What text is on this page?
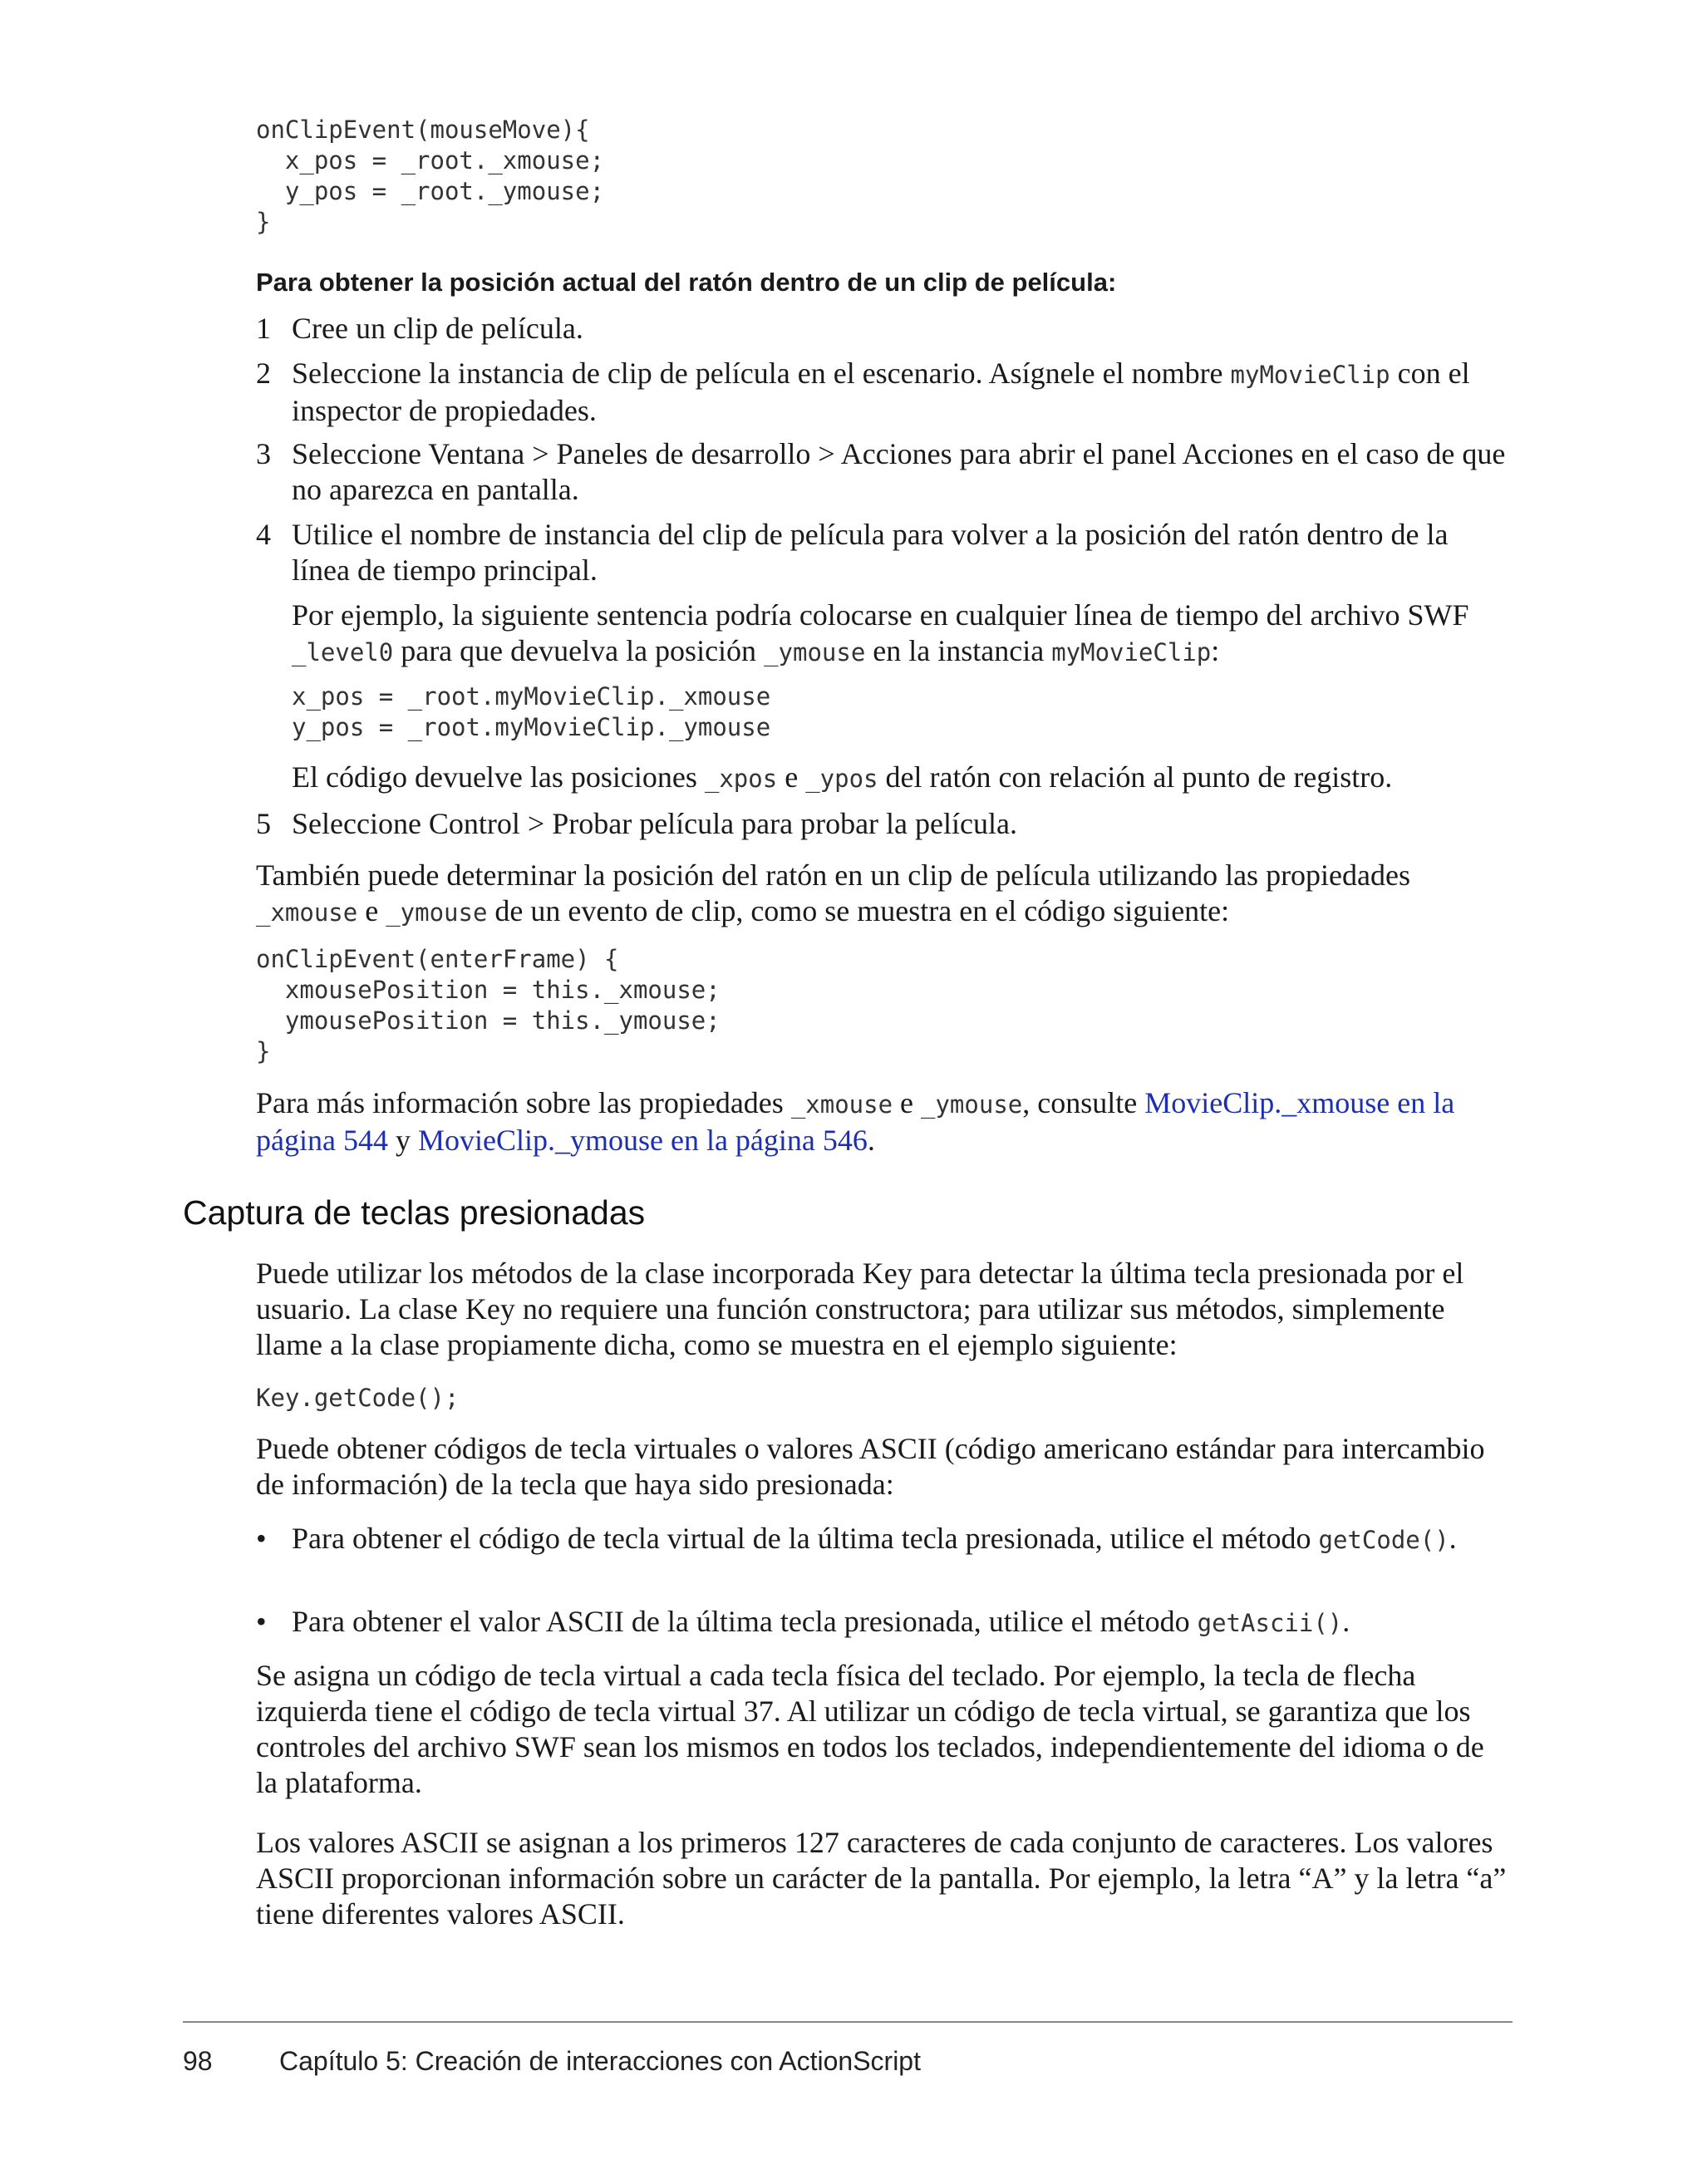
onClipEvent(mouseMove){
x_pos = _root._xmouse;
y_pos = _root._ymouse;
}
Para obtener la posición actual del ratón dentro de un clip de película:
1 Cree un clip de película.
2 Seleccione la instancia de clip de película en el escenario. Asígnele el nombre myMovieClip con el inspector de propiedades.
3 Seleccione Ventana > Paneles de desarrollo > Acciones para abrir el panel Acciones en el caso de que no aparezca en pantalla.
4 Utilice el nombre de instancia del clip de película para volver a la posición del ratón dentro de la línea de tiempo principal.
Por ejemplo, la siguiente sentencia podría colocarse en cualquier línea de tiempo del archivo SWF _level0 para que devuelva la posición _ymouse en la instancia myMovieClip:
x_pos = _root.myMovieClip._xmouse
y_pos = _root.myMovieClip._ymouse
El código devuelve las posiciones _xpos e _ypos del ratón con relación al punto de registro.
5 Seleccione Control > Probar película para probar la película.
También puede determinar la posición del ratón en un clip de película utilizando las propiedades _xmouse e _ymouse de un evento de clip, como se muestra en el código siguiente:
onClipEvent(enterFrame) {
xmousePosition = this._xmouse;
ymousePosition = this._ymouse;
}
Para más información sobre las propiedades _xmouse e _ymouse, consulte MovieClip._xmouse en la página 544 y MovieClip._ymouse en la página 546.
Captura de teclas presionadas

Puede utilizar los métodos de la clase incorporada Key para detectar la última tecla presionada por el usuario. La clase Key no requiere una función constructora; para utilizar sus métodos, simplemente llame a la clase propiamente dicha, como se muestra en el ejemplo siguiente:

Key.getCode();

Puede obtener códigos de tecla virtuales o valores ASCII (código americano estándar para intercambio de información) de la tecla que haya sido presionada:

• Para obtener el código de tecla virtual de la última tecla presionada, utilice el método getCode().
• Para obtener el valor ASCII de la última tecla presionada, utilice el método getAscii().

Se asigna un código de tecla virtual a cada tecla física del teclado. Por ejemplo, la tecla de flecha izquierda tiene el código de tecla virtual 37. Al utilizar un código de tecla virtual, se garantiza que los controles del archivo SWF sean los mismos en todos los teclados, independientemente del idioma o de la plataforma.

Los valores ASCII se asignan a los primeros 127 caracteres de cada conjunto de caracteres. Los valores ASCII proporcionan información sobre un carácter de la pantalla. Por ejemplo, la letra “A” y la letra “a” tiene diferentes valores ASCII.

98	Capítulo 5: Creación de interacciones con ActionScript
